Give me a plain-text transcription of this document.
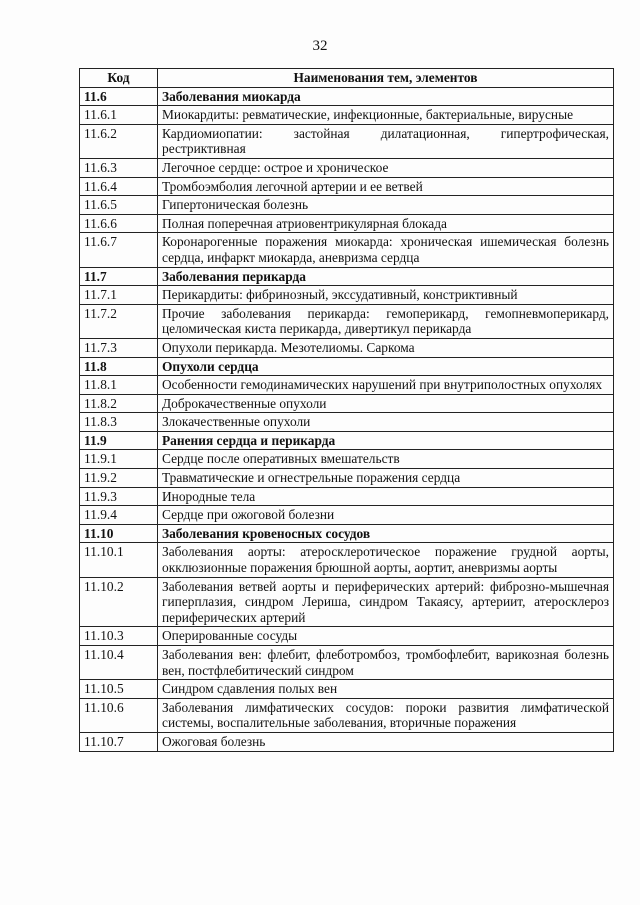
32
Код	Наименования тем, элементов
11.6	Заболевания миокарда
11.6.1	Миокардиты: ревматические, инфекционные, бактериальные, вирусные
11.6.2	Кардиомиопатии: застойная дилатационная, гипертрофическая, рестриктивная
11.6.3	Легочное сердце: острое и хроническое
11.6.4	Тромбоэмболия легочной артерии и ее ветвей
11.6.5	Гипертоническая болезнь
11.6.6	Полная поперечная атриовентрикулярная блокада
11.6.7	Коронарогенные поражения миокарда: хроническая ишемическая болезнь сердца, инфаркт миокарда, аневризма сердца
11.7	Заболевания перикарда
11.7.1	Перикардиты: фибринозный, экссудативный, констриктивный
11.7.2	Прочие заболевания перикарда: гемоперикард, гемопневмоперикард, целомическая киста перикарда, дивертикул перикарда
11.7.3	Опухоли перикарда. Мезотелиомы. Саркома
11.8	Опухоли сердца
11.8.1	Особенности гемодинамических нарушений при внутриполостных опухолях
11.8.2	Доброкачественные опухоли
11.8.3	Злокачественные опухоли
11.9	Ранения сердца и перикарда
11.9.1	Сердце после оперативных вмешательств
11.9.2	Травматические и огнестрельные поражения сердца
11.9.3	Инородные тела
11.9.4	Сердце при ожоговой болезни
11.10	Заболевания кровеносных сосудов
11.10.1	Заболевания аорты: атеросклеротическое поражение грудной аорты, окклюзионные поражения брюшной аорты, аортит, аневризмы аорты
11.10.2	Заболевания ветвей аорты и периферических артерий: фиброзно-мышечная гиперплазия, синдром Лериша, синдром Такаясу, артериит, атеросклероз периферических артерий
11.10.3	Оперированные сосуды
11.10.4	Заболевания вен: флебит, флеботромбоз, тромбофлебит, варикозная болезнь вен, постфлебитический синдром
11.10.5	Синдром сдавления полых вен
11.10.6	Заболевания лимфатических сосудов: пороки развития лимфатической системы, воспалительные заболевания, вторичные поражения
11.10.7	Ожоговая болезнь
